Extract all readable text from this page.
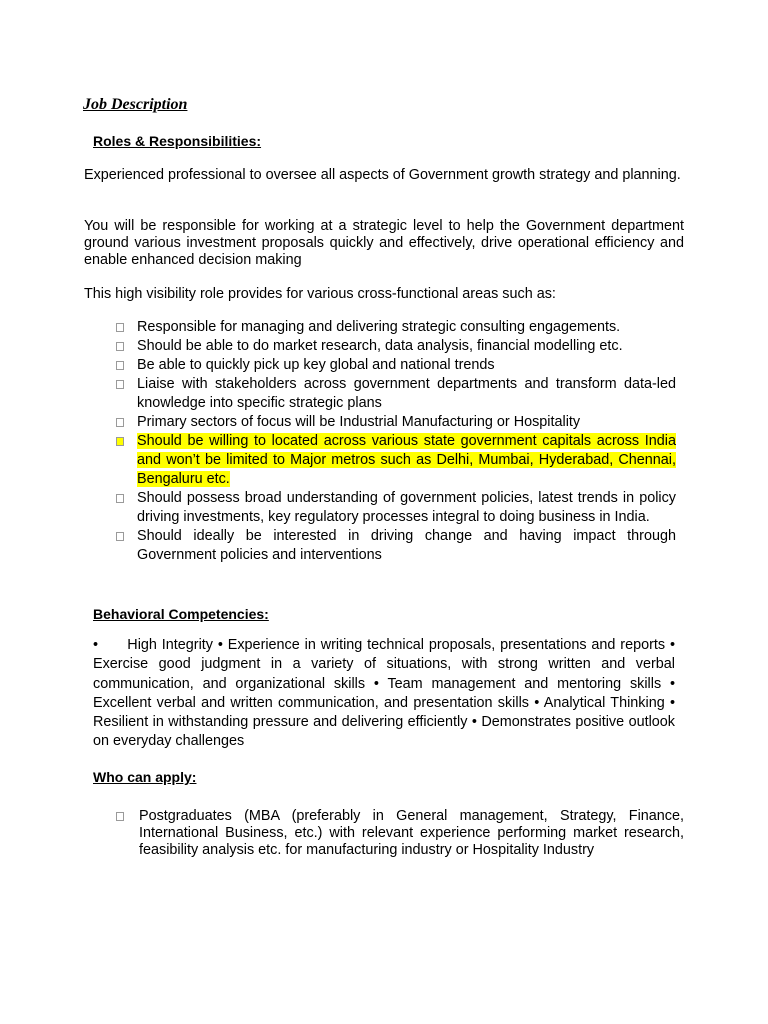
Job Description
Roles & Responsibilities:
Experienced professional to oversee all aspects of Government growth strategy and planning.
You will be responsible for working at a strategic level to help the Government department ground various investment proposals quickly and effectively, drive operational efficiency and enable enhanced decision making
This high visibility role provides for various cross-functional areas such as:
Responsible for managing and delivering strategic consulting engagements.
Should be able to do market research, data analysis, financial modelling etc.
Be able to quickly pick up key global and national trends
Liaise with stakeholders across government departments and transform data-led knowledge into specific strategic plans
Primary sectors of focus will be Industrial Manufacturing or Hospitality
Should be willing to located across various state government capitals across India and won’t be limited to Major metros such as Delhi, Mumbai, Hyderabad, Chennai, Bengaluru etc.
Should possess broad understanding of government policies, latest trends in policy driving investments, key regulatory processes integral to doing business in India.
Should ideally be interested in driving change and having impact through Government policies and interventions
Behavioral Competencies:
•      High Integrity • Experience in writing technical proposals, presentations and reports • Exercise good judgment in a variety of situations, with strong written and verbal communication, and organizational skills • Team management and mentoring skills • Excellent verbal and written communication, and presentation skills • Analytical Thinking • Resilient in withstanding pressure and delivering efficiently • Demonstrates positive outlook on everyday challenges
Who can apply:
Postgraduates (MBA (preferably in General management, Strategy, Finance, International Business, etc.) with relevant experience performing market research, feasibility analysis etc. for manufacturing industry or Hospitality Industry
